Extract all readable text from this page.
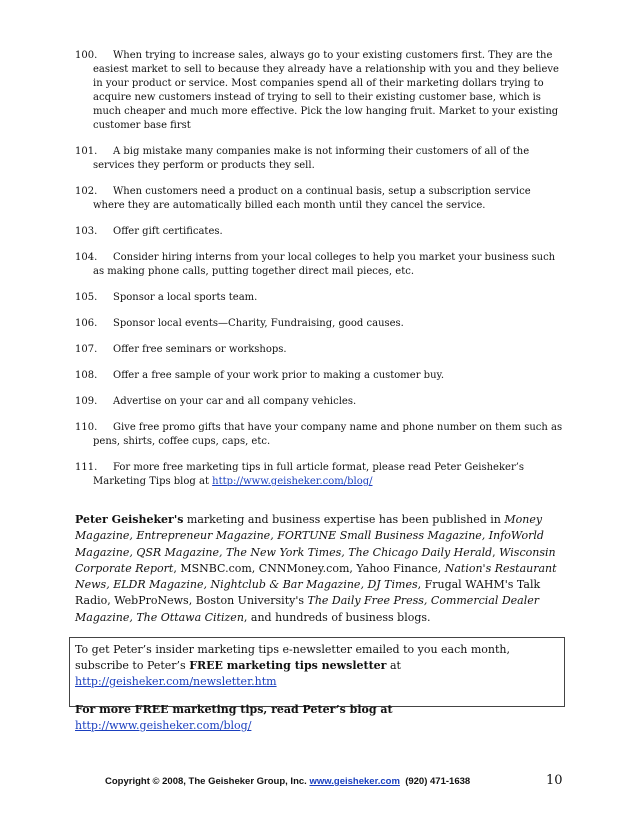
100. When trying to increase sales, always go to your existing customers first. They are the easiest market to sell to because they already have a relationship with you and they believe in your product or service. Most companies spend all of their marketing dollars trying to acquire new customers instead of trying to sell to their existing customer base, which is much cheaper and much more effective. Pick the low hanging fruit. Market to your existing customer base first
101. A big mistake many companies make is not informing their customers of all of the services they perform or products they sell.
102. When customers need a product on a continual basis, setup a subscription service where they are automatically billed each month until they cancel the service.
103. Offer gift certificates.
104. Consider hiring interns from your local colleges to help you market your business such as making phone calls, putting together direct mail pieces, etc.
105. Sponsor a local sports team.
106. Sponsor local events—Charity, Fundraising, good causes.
107. Offer free seminars or workshops.
108. Offer a free sample of your work prior to making a customer buy.
109. Advertise on your car and all company vehicles.
110. Give free promo gifts that have your company name and phone number on them such as pens, shirts, coffee cups, caps, etc.
111. For more free marketing tips in full article format, please read Peter Geisheker’s Marketing Tips blog at http://www.geisheker.com/blog/
Peter Geisheker's marketing and business expertise has been published in Money Magazine, Entrepreneur Magazine, FORTUNE Small Business Magazine, InfoWorld Magazine, QSR Magazine, The New York Times, The Chicago Daily Herald, Wisconsin Corporate Report, MSNBC.com, CNNMoney.com, Yahoo Finance, Nation's Restaurant News, ELDR Magazine, Nightclub & Bar Magazine, DJ Times, Frugal WAHM's Talk Radio, WebProNews, Boston University's The Daily Free Press, Commercial Dealer Magazine, The Ottawa Citizen, and hundreds of business blogs.

To get Peter’s insider marketing tips e-newsletter emailed to you each month, subscribe to Peter’s FREE marketing tips newsletter at http://geisheker.com/newsletter.htm

For more FREE marketing tips, read Peter’s blog at http://www.geisheker.com/blog/

Copyright © 2008, The Geisheker Group, Inc. www.geisheker.com  (920) 471-1638	10
